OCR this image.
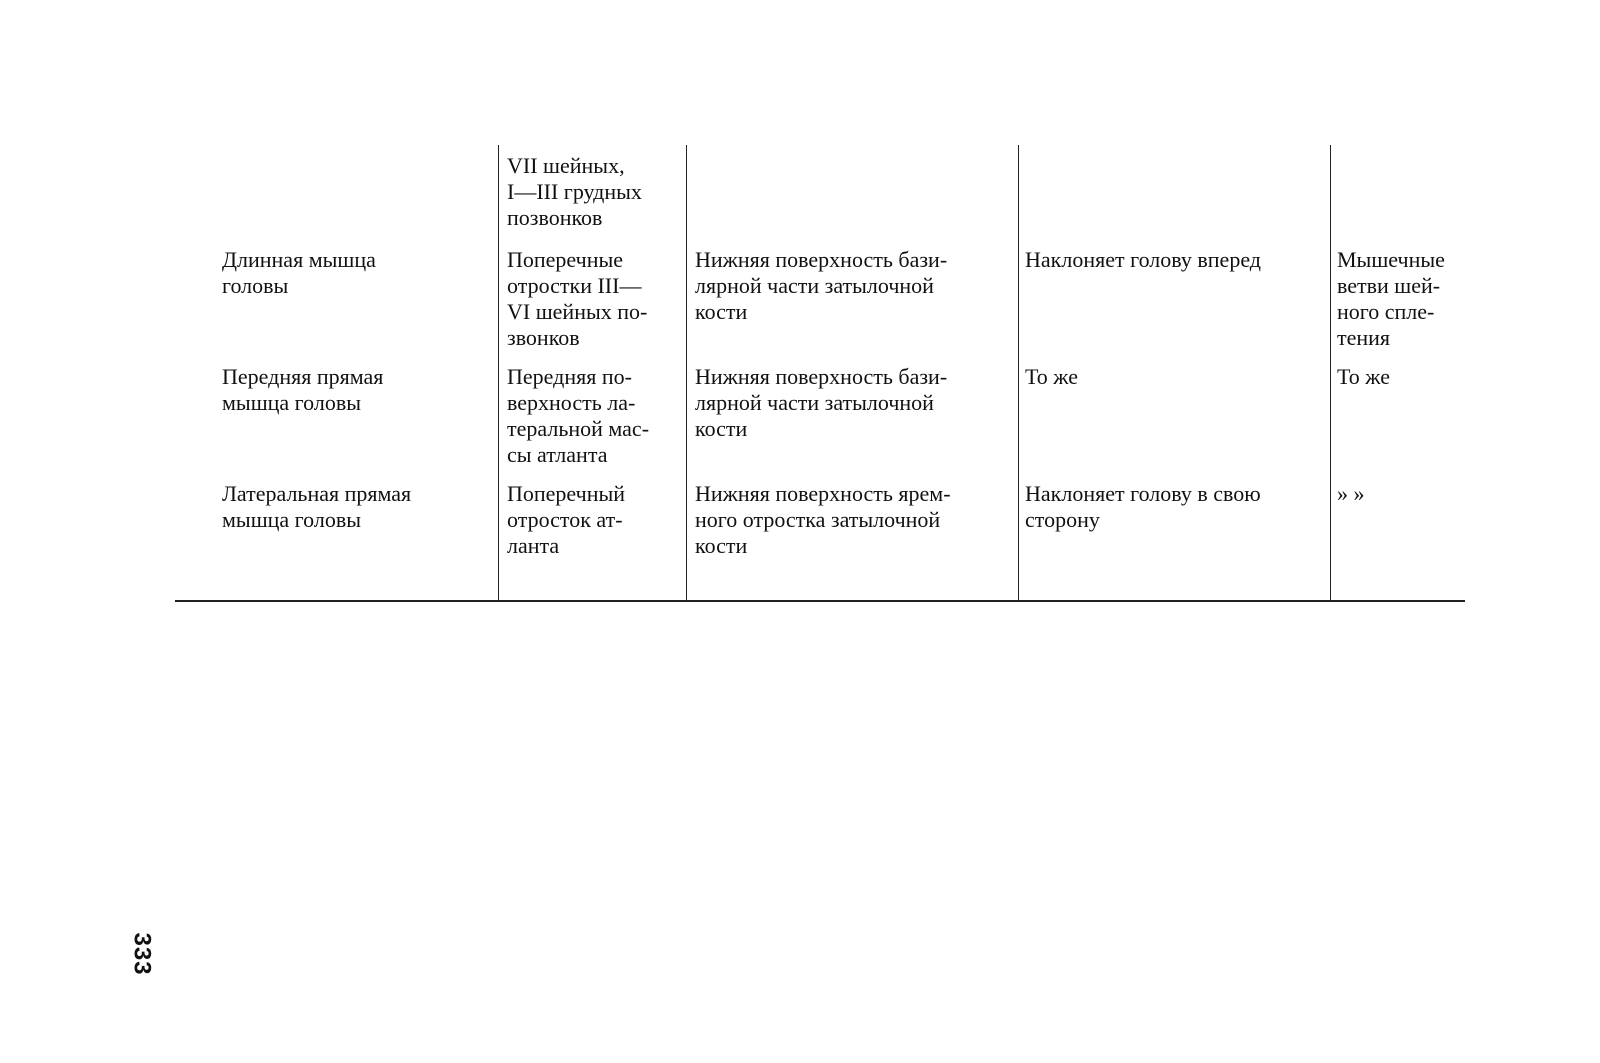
VII шейных,
I—III грудных
позвонков
Длинная мышца
головы
Поперечные
отростки III—
VI шейных по-
звонков
Нижняя поверхность бази-
лярной части затылочной
кости
Наклоняет голову вперед	Мышечные
ветви шей-
ного спле-
тения
Передняя прямая
мышца головы
Передняя по-
верхность ла-
теральной мас-
сы атланта
Нижняя поверхность бази-
лярной части затылочной
кости
То же	То же
Латеральная прямая
мышца головы
Поперечный
отросток ат-
ланта
Нижняя поверхность ярем-
ного отростка затылочной
кости
Наклоняет голову в свою
сторону
» »
333
